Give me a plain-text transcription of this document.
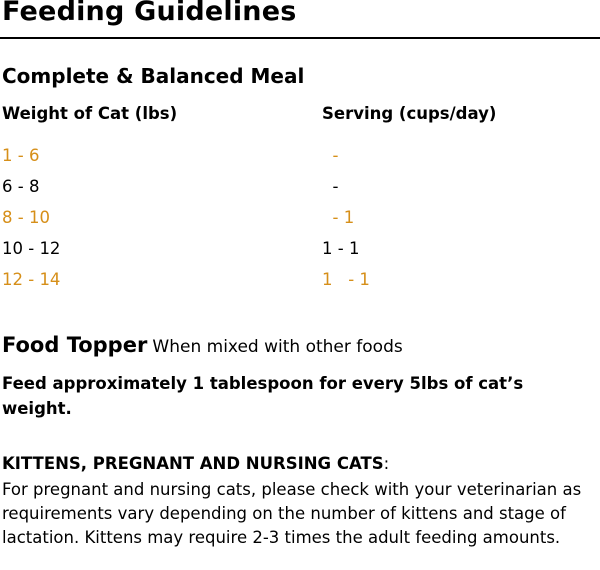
Feeding Guidelines
Complete & Balanced Meal
Weight of Cat (lbs)	Serving (cups/day)
1 - 6	-
6 - 8	-
8 - 10	- 1
10 - 12	1 - 1
12 - 14	1   - 1
Food Topper When mixed with other foods

Feed approximately 1 tablespoon for every 5lbs of cat’s weight.

KITTENS, PREGNANT AND NURSING CATS:

For pregnant and nursing cats, please check with your veterinarian as requirements vary depending on the number of kittens and stage of lactation. Kittens may require 2-3 times the adult feeding amounts.
